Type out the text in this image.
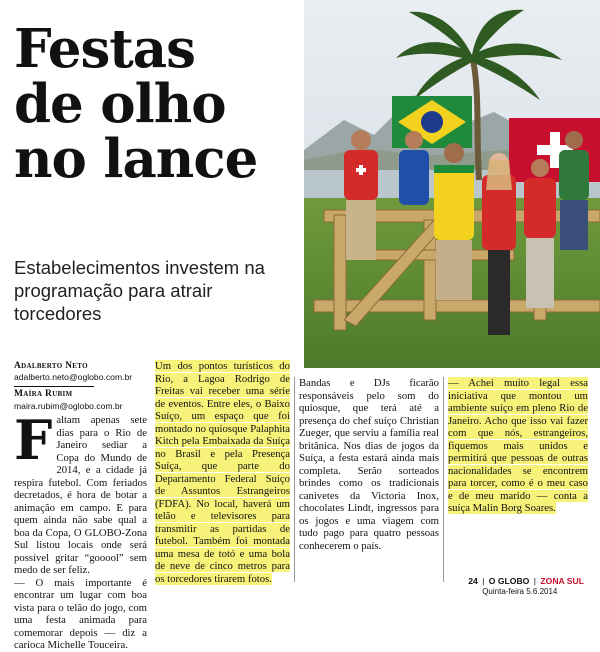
Festas
de olho
no lance

Estabelecimentos investem na programação para atrair torcedores

Adalberto Neto
adalberto.neto@oglobo.com.br
Maíra Rubim
maira.rubim@oglobo.com.br
Faltam apenas sete dias para o Rio de Janeiro sediar a Copa do Mundo de 2014, e a cidade já respira futebol. Com feriados decretados, é hora de botar a animação em campo. E para quem ainda não sabe qual a boa da Copa, O GLOBO-Zona Sul listou locais onde será possível gritar “gooool” sem medo de ser feliz.
— O mais importante é encontrar um lugar com boa vista para o telão do jogo, com uma festa animada para comemorar depois — diz a carioca Michelle Touceira.
Um dos pontos turísticos do Rio, a Lagoa Rodrigo de Freitas vai receber uma série de eventos. Entre eles, o Baixo Suíço, um espaço que foi montado no quiosque Palaphita Kitch pela Embaixada da Suíça no Brasil e pela Presença Suíça, que parte do Departamento Federal Suíço de Assuntos Estrangeiros (FDFA). No local, haverá um telão e televisores para transmitir as partidas de futebol. Também foi montada uma mesa de totó e uma bola de neve de cinco metros para os torcedores tirarem fotos.
Bandas e DJs ficarão responsáveis pelo som do quiosque, que terá até a presença do chef suíço Christian Zueger, que serviu a família real britânica. Nos dias de jogos da Suíça, a festa estará ainda mais completa. Serão sorteados brindes como os tradicionais canivetes da Victoria Inox, chocolates Lindt, ingressos para os jogos e uma viagem com tudo pago para quatro pessoas conhecerem o país.
— Achei muito legal essa iniciativa que montou um ambiente suíço em pleno Rio de Janeiro. Acho que isso vai fazer com que nós, estrangeiros, fiquemos mais unidos e permitirá que pessoas de outras nacionalidades se encontrem para torcer, como é o meu caso e de meu marido — conta a suíça Malin Borg Soares.
24 | O GLOBO | ZONA SUL
Quinta-feira 5.6.2014
